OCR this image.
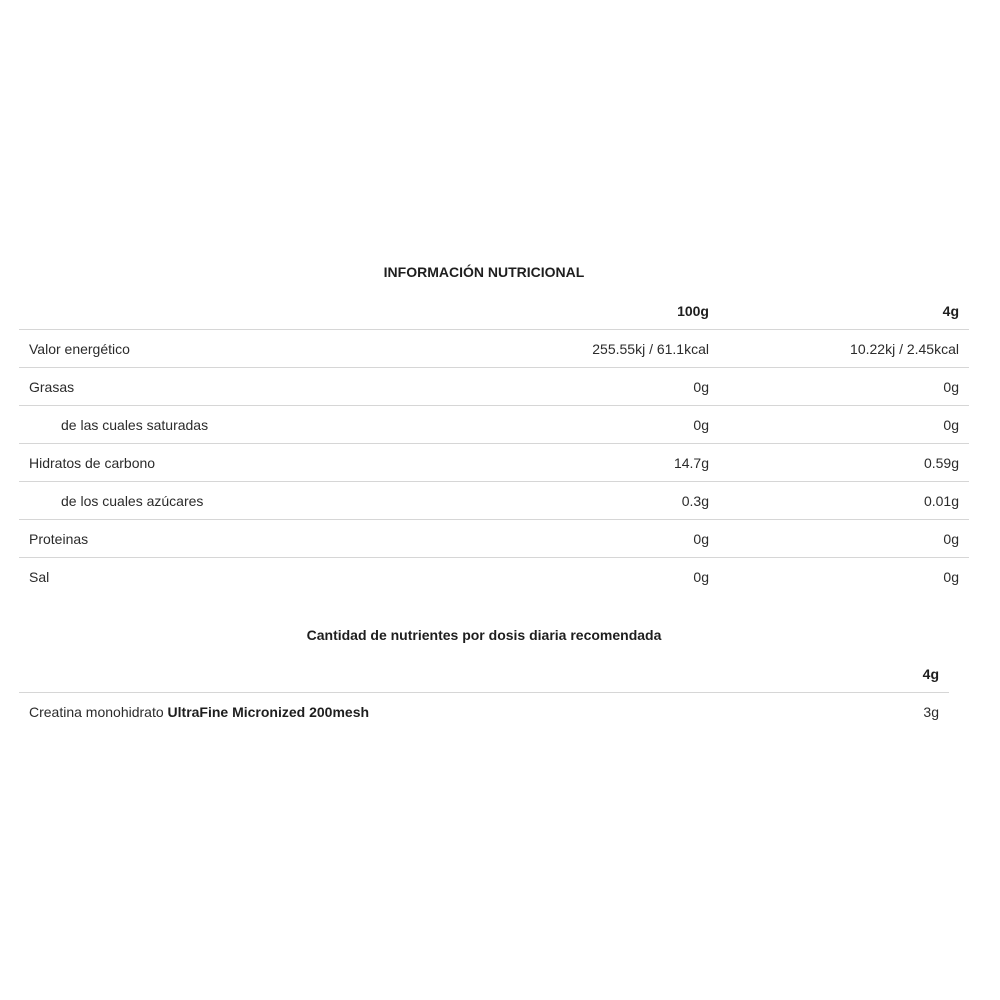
INFORMACIÓN NUTRICIONAL
	100g	4g
Valor energético	255.55kj / 61.1kcal	10.22kj / 2.45kcal
Grasas	0g	0g
de las cuales saturadas	0g	0g
Hidratos de carbono	14.7g	0.59g
de los cuales azúcares	0.3g	0.01g
Proteinas	0g	0g
Sal	0g	0g
Cantidad de nutrientes por dosis diaria recomendada
	4g
Creatina monohidrato UltraFine Micronized 200mesh	3g
